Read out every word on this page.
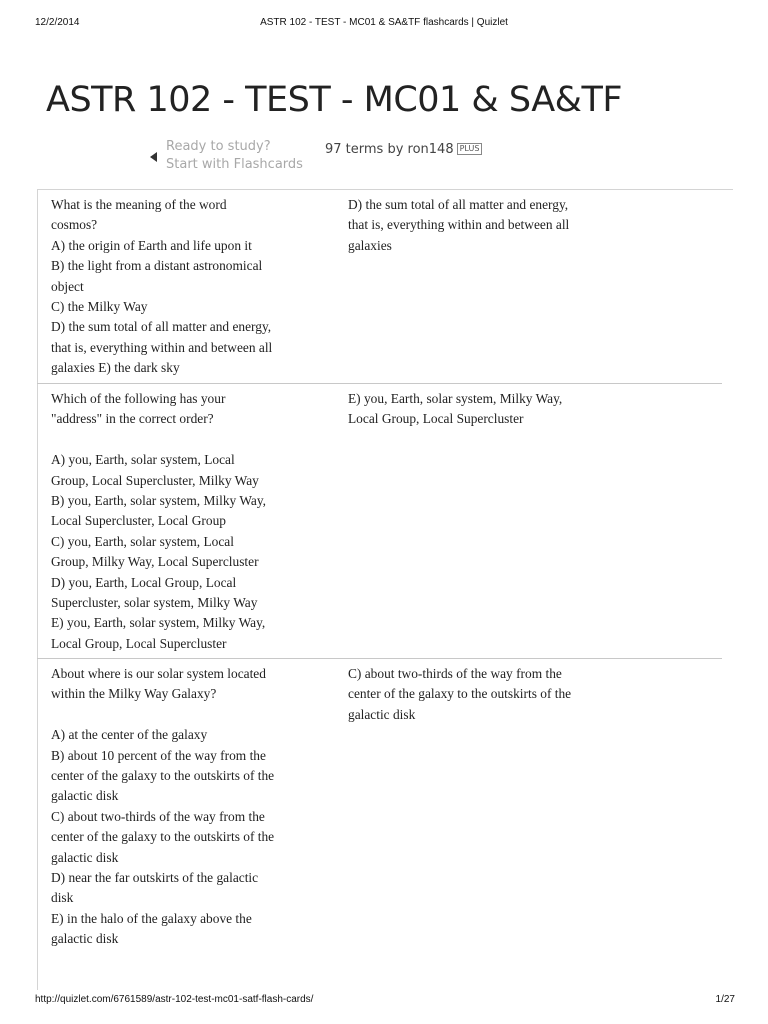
12/2/2014	ASTR 102 - TEST - MC01 & SA&TF flashcards | Quizlet
ASTR 102 - TEST - MC01 & SA&TF
Ready to study?
Start with Flashcards
97 terms by ron148 PLUS
What is the meaning of the word
cosmos?
A) the origin of Earth and life upon it
B) the light from a distant astronomical
object
C) the Milky Way
D) the sum total of all matter and energy,
that is, everything within and between all
galaxies E) the dark sky
D) the sum total of all matter and energy,
that is, everything within and between all
galaxies
Which of the following has your
"address" in the correct order?

A) you, Earth, solar system, Local
Group, Local Supercluster, Milky Way
B) you, Earth, solar system, Milky Way,
Local Supercluster, Local Group
C) you, Earth, solar system, Local
Group, Milky Way, Local Supercluster
D) you, Earth, Local Group, Local
Supercluster, solar system, Milky Way
E) you, Earth, solar system, Milky Way,
Local Group, Local Supercluster
E) you, Earth, solar system, Milky Way,
Local Group, Local Supercluster
About where is our solar system located
within the Milky Way Galaxy?

A) at the center of the galaxy
B) about 10 percent of the way from the
center of the galaxy to the outskirts of the
galactic disk
C) about two-thirds of the way from the
center of the galaxy to the outskirts of the
galactic disk
D) near the far outskirts of the galactic
disk
E) in the halo of the galaxy above the
galactic disk
C) about two-thirds of the way from the
center of the galaxy to the outskirts of the
galactic disk
http://quizlet.com/6761589/astr-102-test-mc01-satf-flash-cards/	1/27
